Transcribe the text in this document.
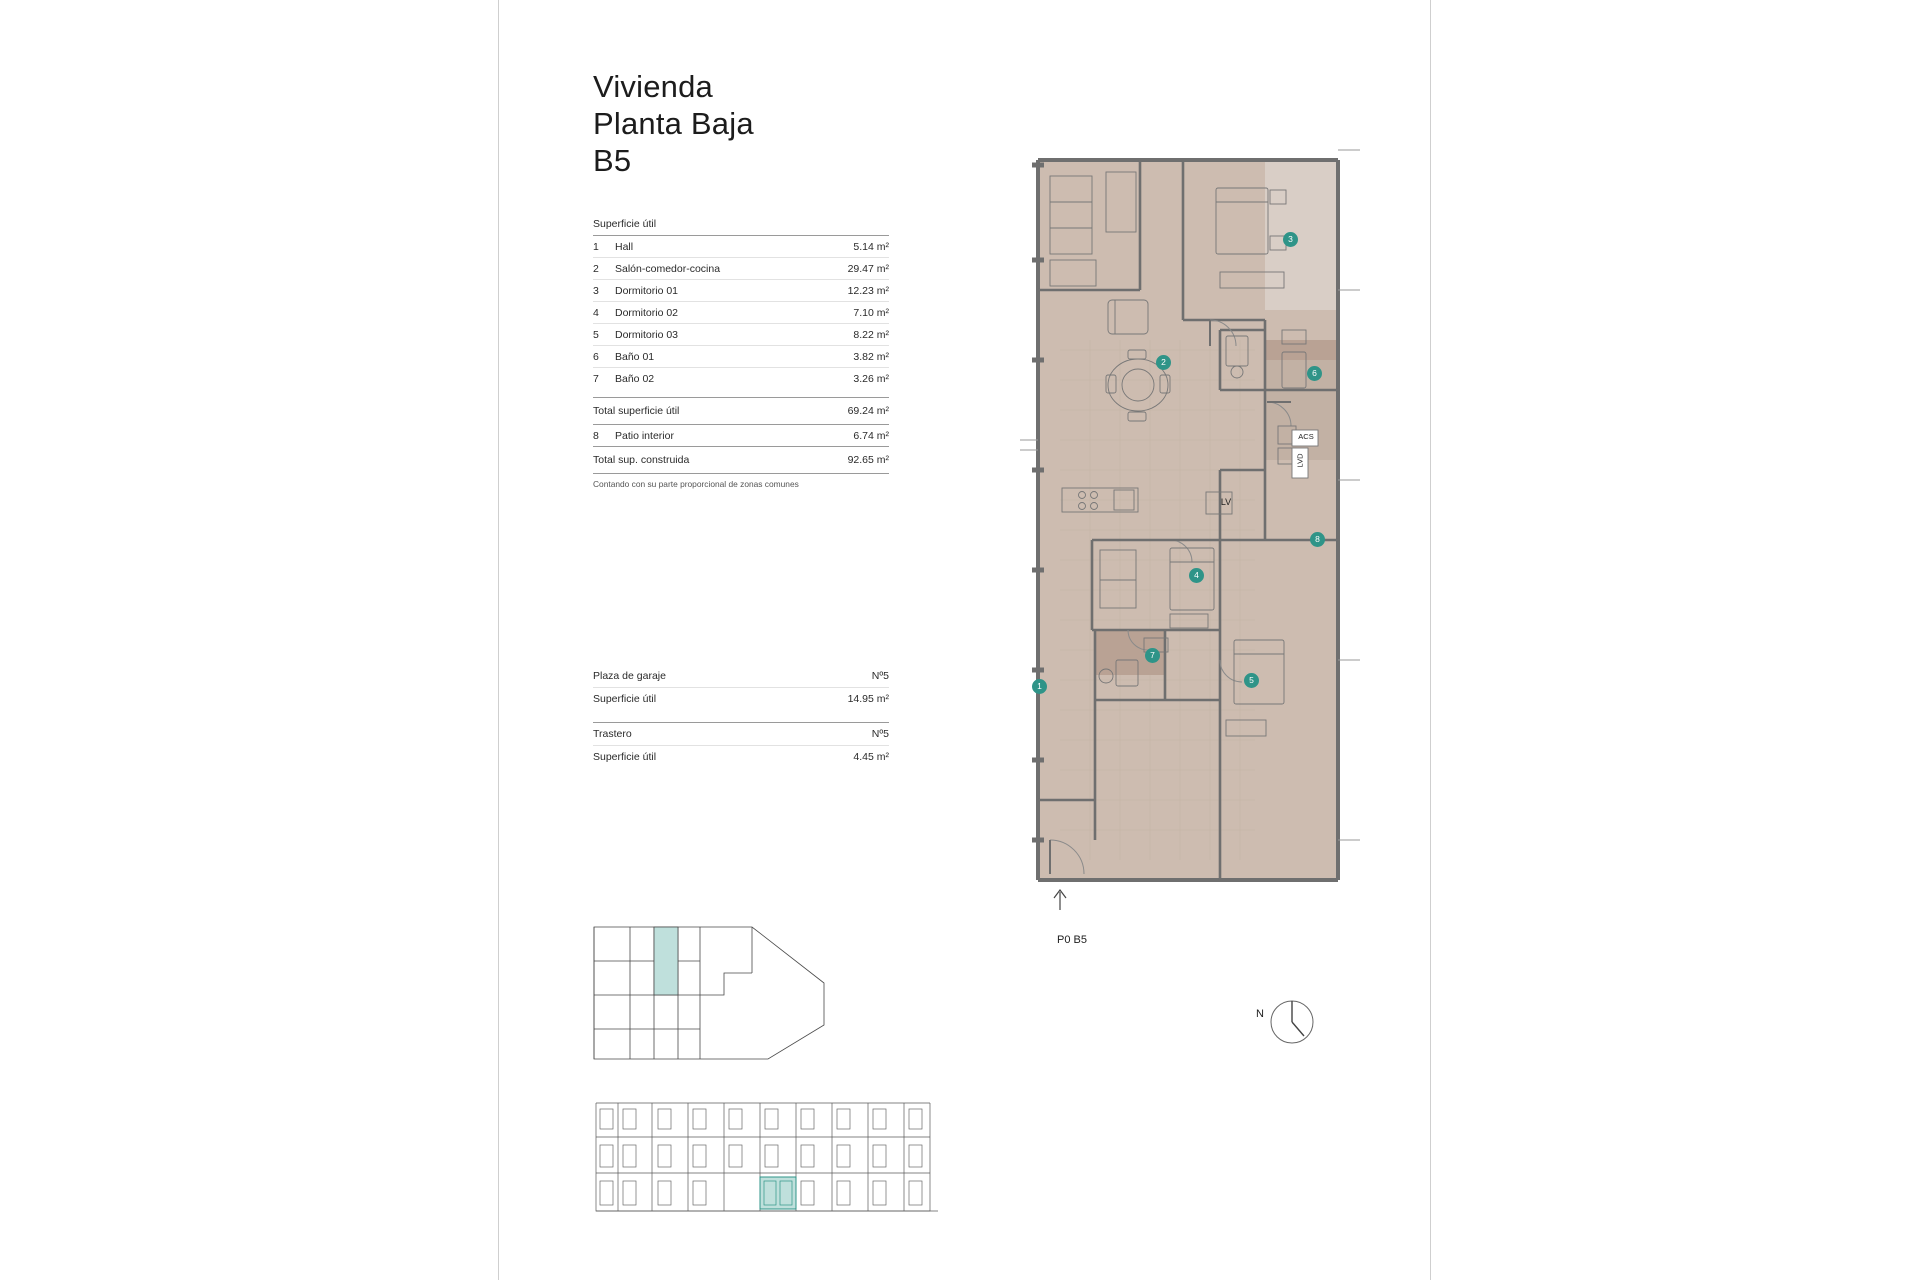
Vivienda
Planta Baja
B5
Superficie útil
1	Hall	5.14 m²
2	Salón-comedor-cocina	29.47 m²
3	Dormitorio 01	12.23 m²
4	Dormitorio 02	7.10 m²
5	Dormitorio 03	8.22 m²
6	Baño 01	3.82 m²
7	Baño 02	3.26 m²
Total superficie útil	69.24 m²
8	Patio interior	6.74 m²
Total sup. construida	92.65 m²
Contando con su parte proporcional de zonas comunes
Plaza de garaje	Nº5
Superficie útil	14.95 m²
Trastero	Nº5
Superficie útil	4.45 m²
1
2
3
4
5
6
7
8
ACS
LVD
LV
P0 B5
N
